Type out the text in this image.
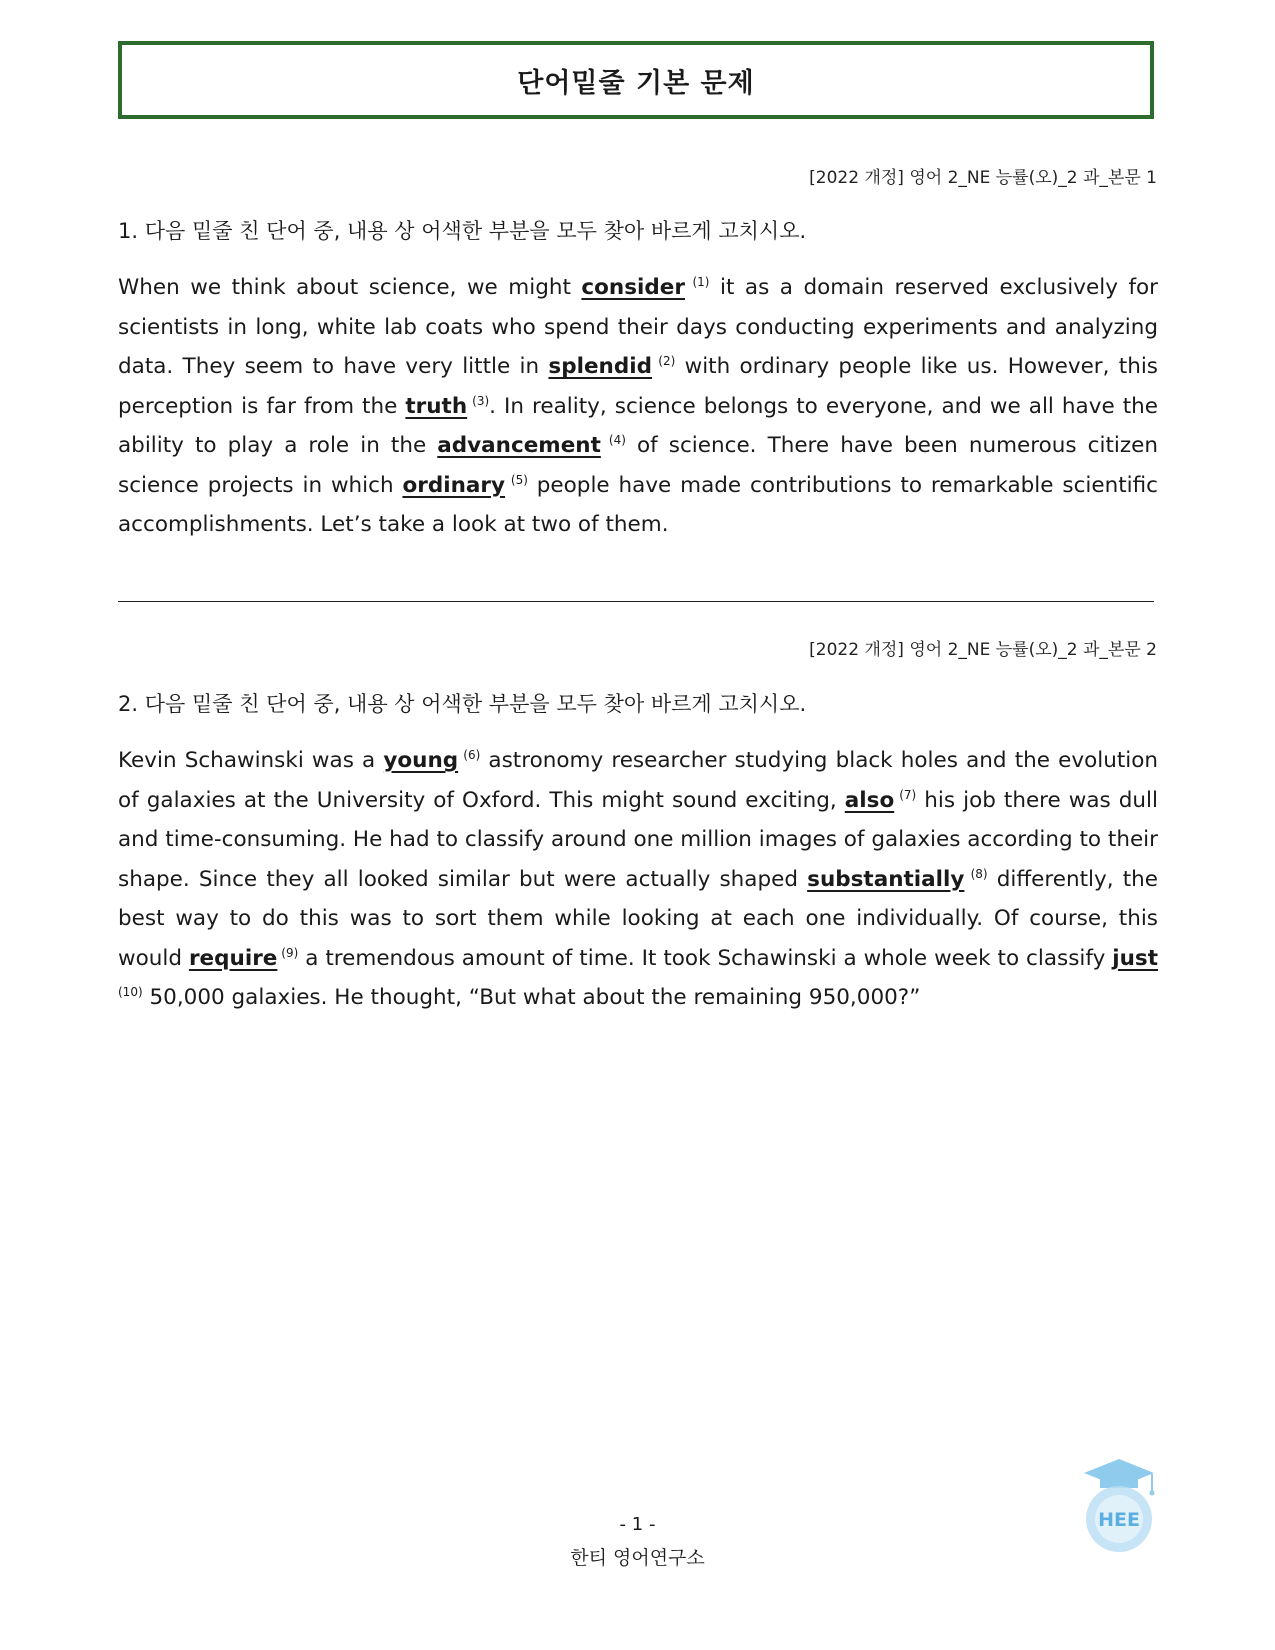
단어밑줄 기본 문제
[2022 개정] 영어 2_NE 능률(오)_2 과_본문 1
1. 다음 밑줄 친 단어 중, 내용 상 어색한 부분을 모두 찾아 바르게 고치시오.

When we think about science, we might consider $^{(1)}$ it as a domain reserved exclusively for scientists in long, white lab coats who spend their days conducting experiments and analyzing data. They seem to have very little in splendid $^{(2)}$ with ordinary people like us. However, this perception is far from the truth $^{(3)}$. In reality, science belongs to everyone, and we all have the ability to play a role in the advancement $^{(4)}$ of science. There have been numerous citizen science projects in which ordinary $^{(5)}$ people have made contributions to remarkable scientific accomplishments. Let’s take a look at two of them.

[2022 개정] 영어 2_NE 능률(오)_2 과_본문 2
2. 다음 밑줄 친 단어 중, 내용 상 어색한 부분을 모두 찾아 바르게 고치시오.

Kevin Schawinski was a young $^{(6)}$ astronomy researcher studying black holes and the evolution of galaxies at the University of Oxford. This might sound exciting, also $^{(7)}$ his job there was dull and time-consuming. He had to classify around one million images of galaxies according to their shape. Since they all looked similar but were actually shaped substantially $^{(8)}$ differently, the best way to do this was to sort them while looking at each one individually. Of course, this would require $^{(9)}$ a tremendous amount of time. It took Schawinski a whole week to classify just $^{(10)}$ 50,000 galaxies. He thought, “But what about the remaining 950,000?”

- 1 -
한티 영어연구소
HEE
